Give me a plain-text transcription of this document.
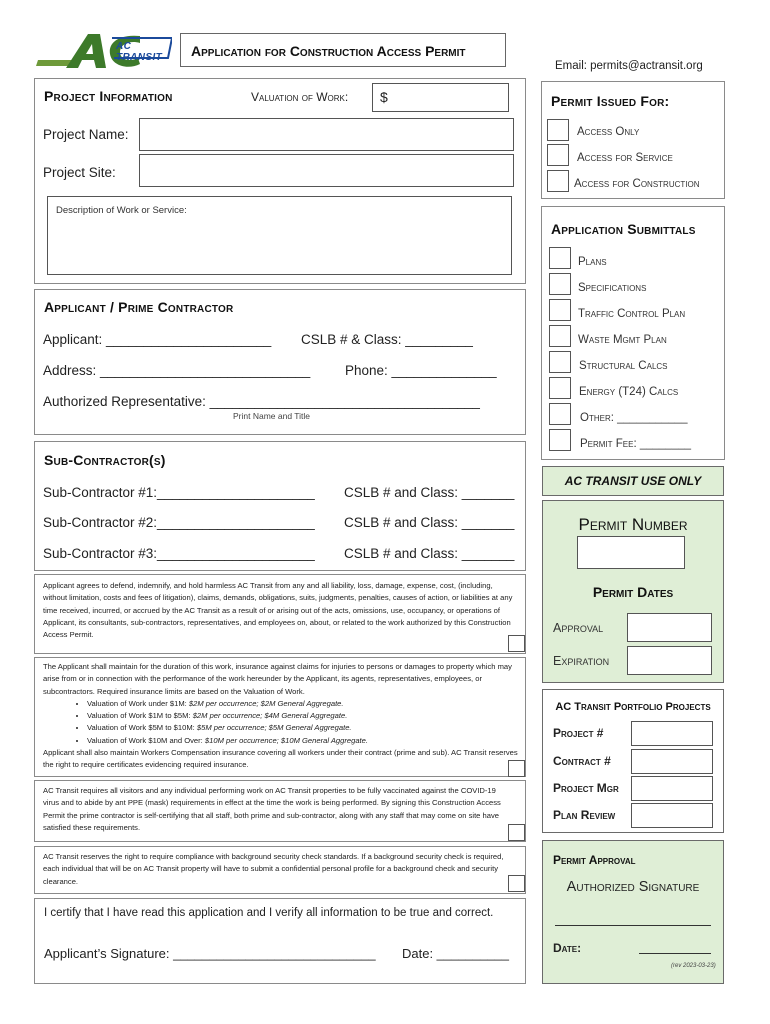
AC TRANSIT	Application for Construction Access Permit
Email: permits@actransit.org
Project Information	Valuation of Work: $
Project Name:
Project Site:
Description of Work or Service:
Applicant / Prime Contractor
Applicant: ______________________ CSLB # & Class: _________
Address: ____________________________	Phone: ______________
Authorized Representative: ____________________________________
Print Name and Title
Sub-Contractor(s)
Sub-Contractor #1:_____________________ CSLB # and Class: _______
Sub-Contractor #2:_____________________ CSLB # and Class: _______
Sub-Contractor #3:_____________________ CSLB # and Class: _______
Applicant agrees to defend, indemnify, and hold harmless AC Transit from any and all liability, loss, damage, expense, cost, (including, without limitation, costs and fees of litigation), claims, demands, obligations, suits, judgments, penalties, causes of action, or liabilities at any time received, incurred, or accrued by the AC Transit as a result of or arising out of the acts, omissions, use, occupancy, or operations of Applicant, its consultants, sub-contractors, representatives, and employees on, about, or related to the work authorized by this Construction Access Permit.
The Applicant shall maintain for the duration of this work, insurance against claims for injuries to persons or damages to property which may arise from or in connection with the performance of the work hereunder by the Applicant, its agents, representatives, employees, or subcontractors. Required insurance limits are based on the Valuation of Work.
• Valuation of Work under $1M: $2M per occurrence; $2M General Aggregate.
• Valuation of Work $1M to $5M: $2M per occurrence; $4M General Aggregate.
• Valuation of Work $5M to $10M: $5M per occurrence; $5M General Aggregate.
• Valuation of Work $10M and Over: $10M per occurrence; $10M General Aggregate.
Applicant shall also maintain Workers Compensation insurance covering all workers under their contract (prime and sub). AC Transit reserves the right to require certificates evidencing required insurance.
AC Transit requires all visitors and any individual performing work on AC Transit properties to be fully vaccinated against the COVID-19 virus and to abide by ant PPE (mask) requirements in effect at the time the work is being performed. By signing this Construction Access Permit the prime contractor is self-certifying that all staff, both prime and sub-contractor, along with any staff that may come on site have satisfied these requirements.
AC Transit reserves the right to require compliance with background security check standards. If a background security check is required, each individual that will be on AC Transit property will have to submit a confidential personal profile for a background check and security clearance.
I certify that I have read this application and I verify all information to be true and correct.
Applicant’s Signature: ____________________________ Date: __________
Permit Issued For:
Access Only
Access for Service
Access for Construction
Application Submittals
Plans
Specifications
Traffic Control Plan
Waste Mgmt Plan
Structural Calcs
Energy (T24) Calcs
Other: ___________
Permit Fee: ________
AC TRANSIT USE ONLY
Permit Number
Permit Dates
Approval
Expiration
AC Transit Portfolio Projects
Project #
Contract #
Project Mgr
Plan Review
Permit Approval
Authorized Signature
Date:
(rev 2023-03-23)
